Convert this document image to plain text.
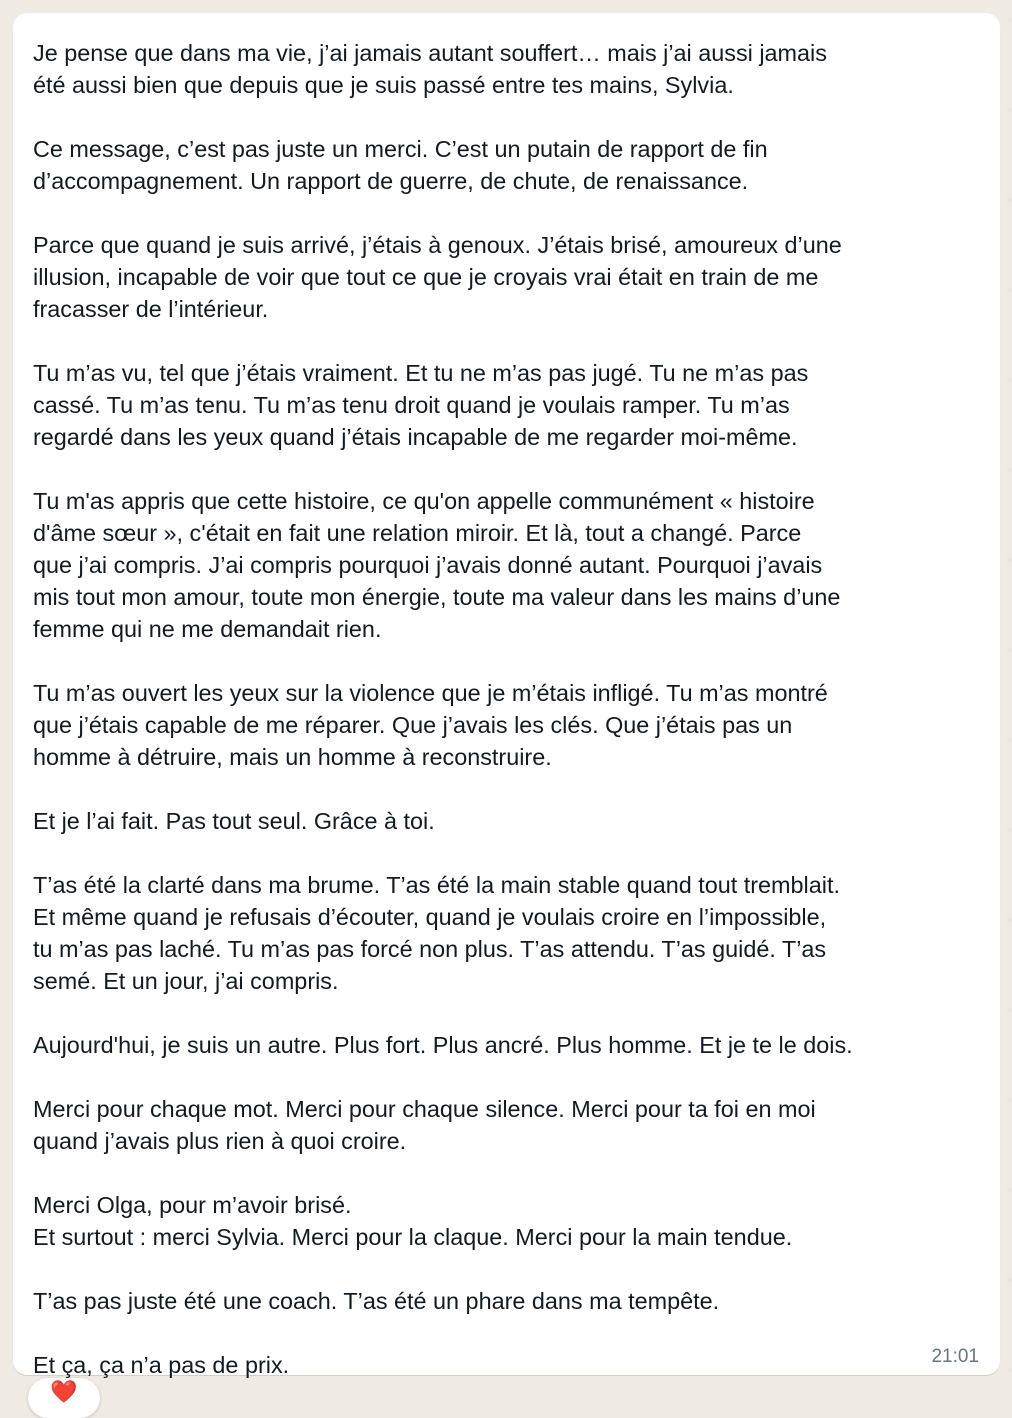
Je pense que dans ma vie, j’ai jamais autant souffert… mais j’ai aussi jamais
été aussi bien que depuis que je suis passé entre tes mains, Sylvia.

Ce message, c’est pas juste un merci. C’est un putain de rapport de fin
d’accompagnement. Un rapport de guerre, de chute, de renaissance.

Parce que quand je suis arrivé, j’étais à genoux. J’étais brisé, amoureux d’une
illusion, incapable de voir que tout ce que je croyais vrai était en train de me
fracasser de l’intérieur.

Tu m’as vu, tel que j’étais vraiment. Et tu ne m’as pas jugé. Tu ne m’as pas
cassé. Tu m’as tenu. Tu m’as tenu droit quand je voulais ramper. Tu m’as
regardé dans les yeux quand j’étais incapable de me regarder moi-même.

Tu m'as appris que cette histoire, ce qu'on appelle communément « histoire
d'âme sœur », c'était en fait une relation miroir. Et là, tout a changé. Parce
que j’ai compris. J’ai compris pourquoi j’avais donné autant. Pourquoi j’avais
mis tout mon amour, toute mon énergie, toute ma valeur dans les mains d’une
femme qui ne me demandait rien.

Tu m’as ouvert les yeux sur la violence que je m’étais infligé. Tu m’as montré
que j’étais capable de me réparer. Que j’avais les clés. Que j’étais pas un
homme à détruire, mais un homme à reconstruire.

Et je l’ai fait. Pas tout seul. Grâce à toi.

T’as été la clarté dans ma brume. T’as été la main stable quand tout tremblait.
Et même quand je refusais d’écouter, quand je voulais croire en l’impossible,
tu m’as pas laché. Tu m’as pas forcé non plus. T’as attendu. T’as guidé. T’as
semé. Et un jour, j’ai compris.

Aujourd'hui, je suis un autre. Plus fort. Plus ancré. Plus homme. Et je te le dois.

Merci pour chaque mot. Merci pour chaque silence. Merci pour ta foi en moi
quand j’avais plus rien à quoi croire.

Merci Olga, pour m’avoir brisé.
Et surtout : merci Sylvia. Merci pour la claque. Merci pour la main tendue.

T’as pas juste été une coach. T’as été un phare dans ma tempête.

Et ça, ça n’a pas de prix.	21:01
❤️
